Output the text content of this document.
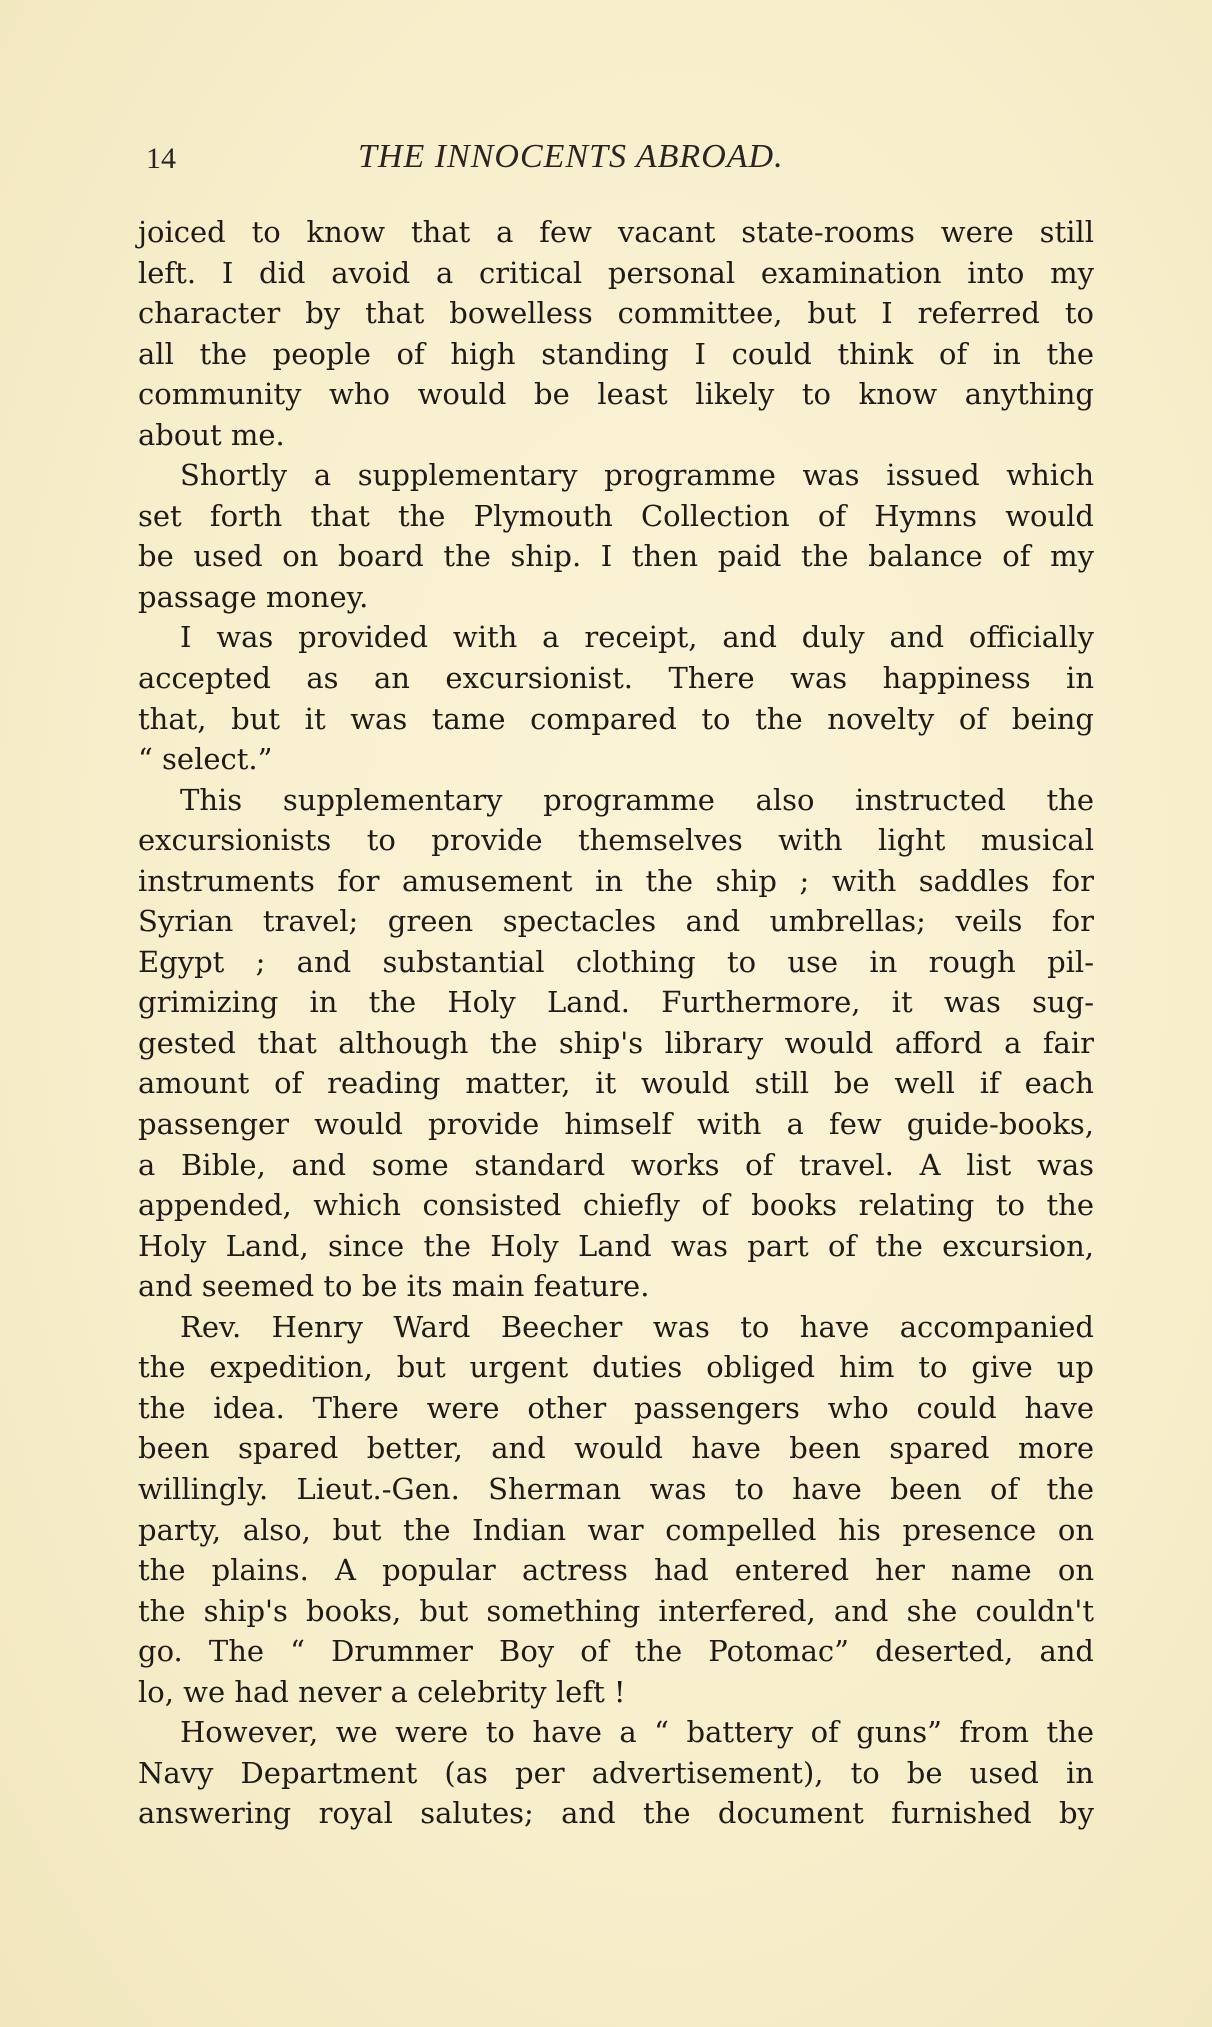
14	THE INNOCENTS ABROAD.
joiced to know that a few vacant state-rooms were still
left. I did avoid a critical personal examination into my
character by that bowelless committee, but I referred to
all the people of high standing I could think of in the
community who would be least likely to know anything
about me.
Shortly a supplementary programme was issued which
set forth that the Plymouth Collection of Hymns would
be used on board the ship. I then paid the balance of my
passage money.
I was provided with a receipt, and duly and officially
accepted as an excursionist. There was happiness in
that, but it was tame compared to the novelty of being
“ select.”
This supplementary programme also instructed the
excursionists to provide themselves with light musical
instruments for amusement in the ship ; with saddles for
Syrian travel; green spectacles and umbrellas; veils for
Egypt ; and substantial clothing to use in rough pil-
grimizing in the Holy Land. Furthermore, it was sug-
gested that although the ship's library would afford a fair
amount of reading matter, it would still be well if each
passenger would provide himself with a few guide-books,
a Bible, and some standard works of travel. A list was
appended, which consisted chiefly of books relating to the
Holy Land, since the Holy Land was part of the excursion,
and seemed to be its main feature.
Rev. Henry Ward Beecher was to have accompanied
the expedition, but urgent duties obliged him to give up
the idea. There were other passengers who could have
been spared better, and would have been spared more
willingly. Lieut.-Gen. Sherman was to have been of the
party, also, but the Indian war compelled his presence on
the plains. A popular actress had entered her name on
the ship's books, but something interfered, and she couldn't
go. The “ Drummer Boy of the Potomac” deserted, and
lo, we had never a celebrity left !
However, we were to have a “ battery of guns” from the
Navy Department (as per advertisement), to be used in
answering royal salutes; and the document furnished by
